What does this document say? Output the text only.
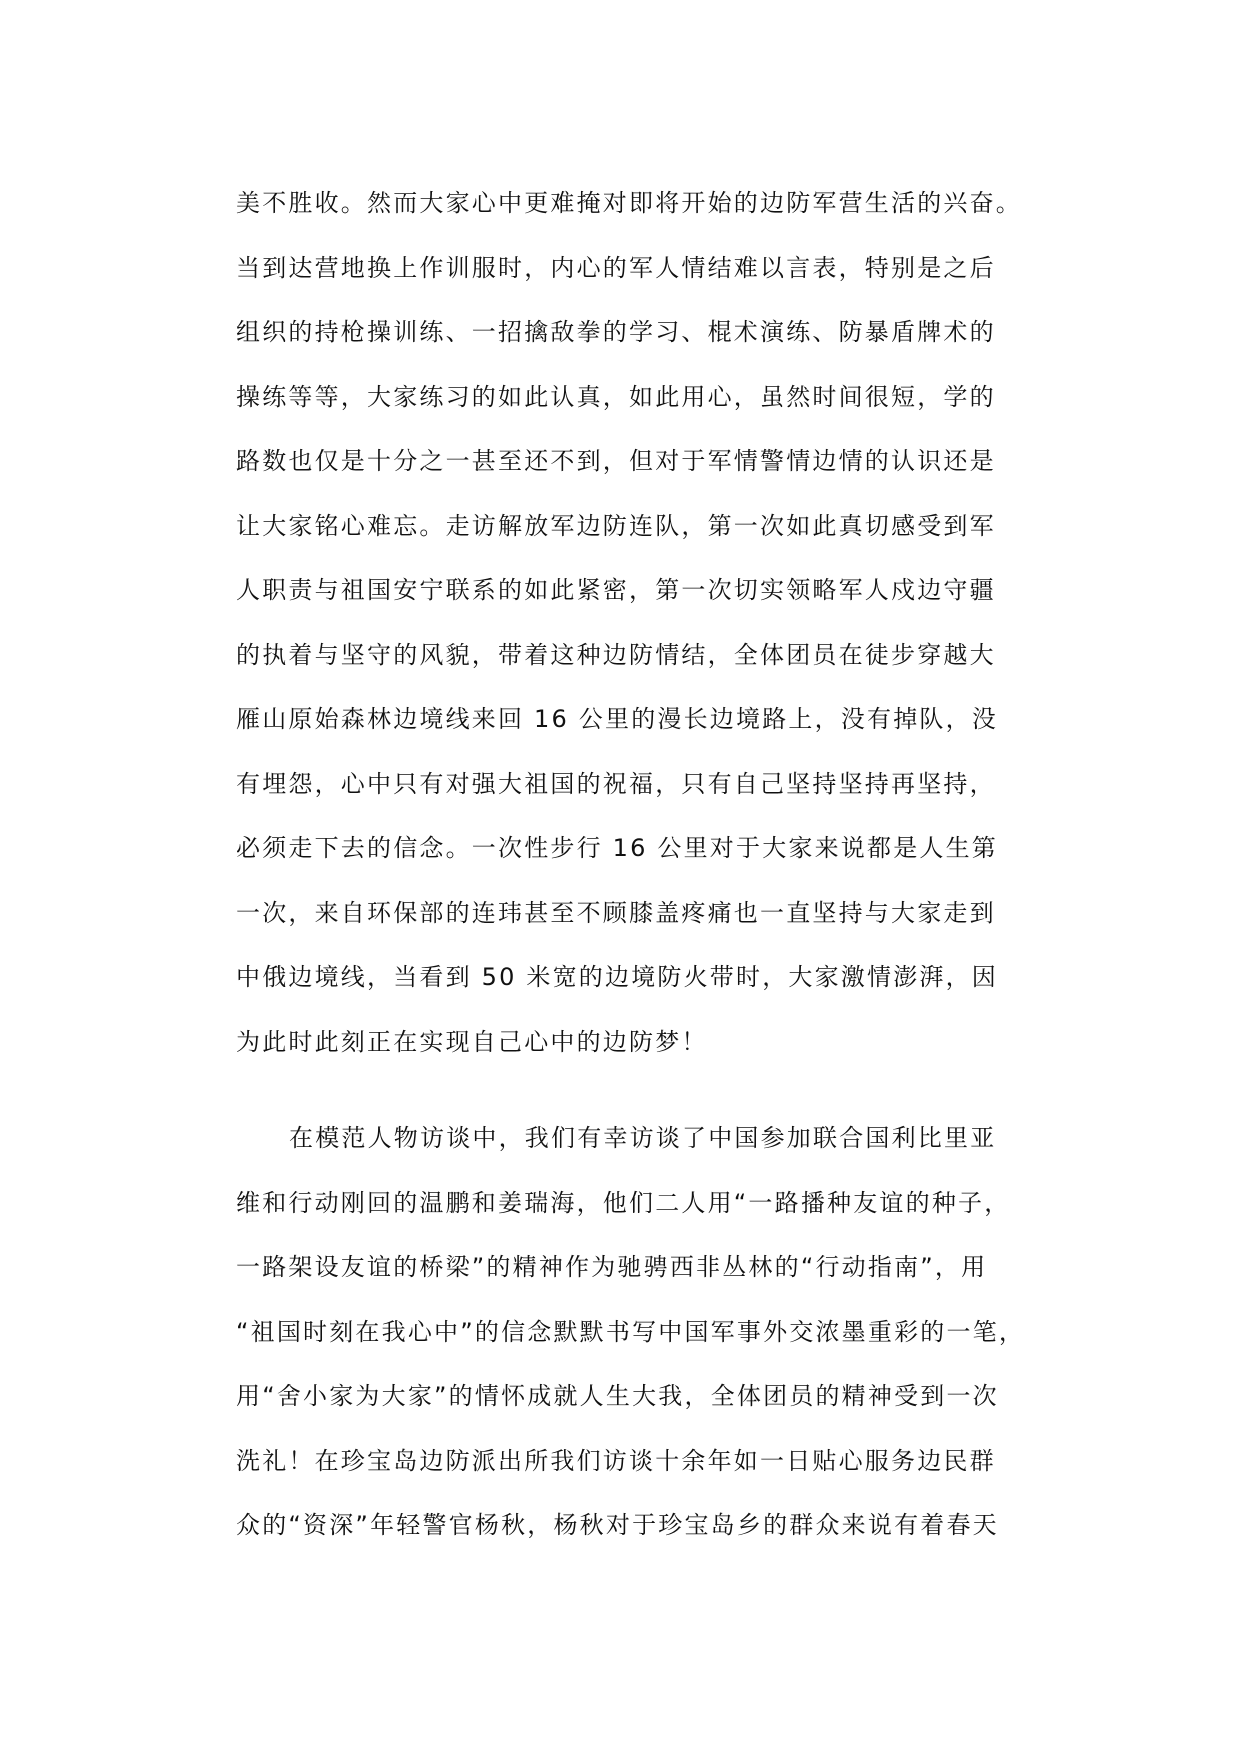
美不胜收。然而大家心中更难掩对即将开始的边防军营生活的兴奋。
当到达营地换上作训服时，内心的军人情结难以言表，特别是之后
组织的持枪操训练、一招擒敌拳的学习、棍术演练、防暴盾牌术的
操练等等，大家练习的如此认真，如此用心，虽然时间很短，学的
路数也仅是十分之一甚至还不到，但对于军情警情边情的认识还是
让大家铭心难忘。走访解放军边防连队，第一次如此真切感受到军
人职责与祖国安宁联系的如此紧密，第一次切实领略军人戍边守疆
的执着与坚守的风貌，带着这种边防情结，全体团员在徒步穿越大
雁山原始森林边境线来回 16 公里的漫长边境路上，没有掉队，没
有埋怨，心中只有对强大祖国的祝福，只有自己坚持坚持再坚持，
必须走下去的信念。一次性步行 16 公里对于大家来说都是人生第
一次，来自环保部的连玮甚至不顾膝盖疼痛也一直坚持与大家走到
中俄边境线，当看到 50 米宽的边境防火带时，大家激情澎湃，因
为此时此刻正在实现自己心中的边防梦！
在模范人物访谈中，我们有幸访谈了中国参加联合国利比里亚
维和行动刚回的温鹏和姜瑞海，他们二人用“一路播种友谊的种子，
一路架设友谊的桥梁”的精神作为驰骋西非丛林的“行动指南”，用
“祖国时刻在我心中”的信念默默书写中国军事外交浓墨重彩的一笔，
用“舍小家为大家”的情怀成就人生大我，全体团员的精神受到一次
洗礼！在珍宝岛边防派出所我们访谈十余年如一日贴心服务边民群
众的“资深”年轻警官杨秋，杨秋对于珍宝岛乡的群众来说有着春天
